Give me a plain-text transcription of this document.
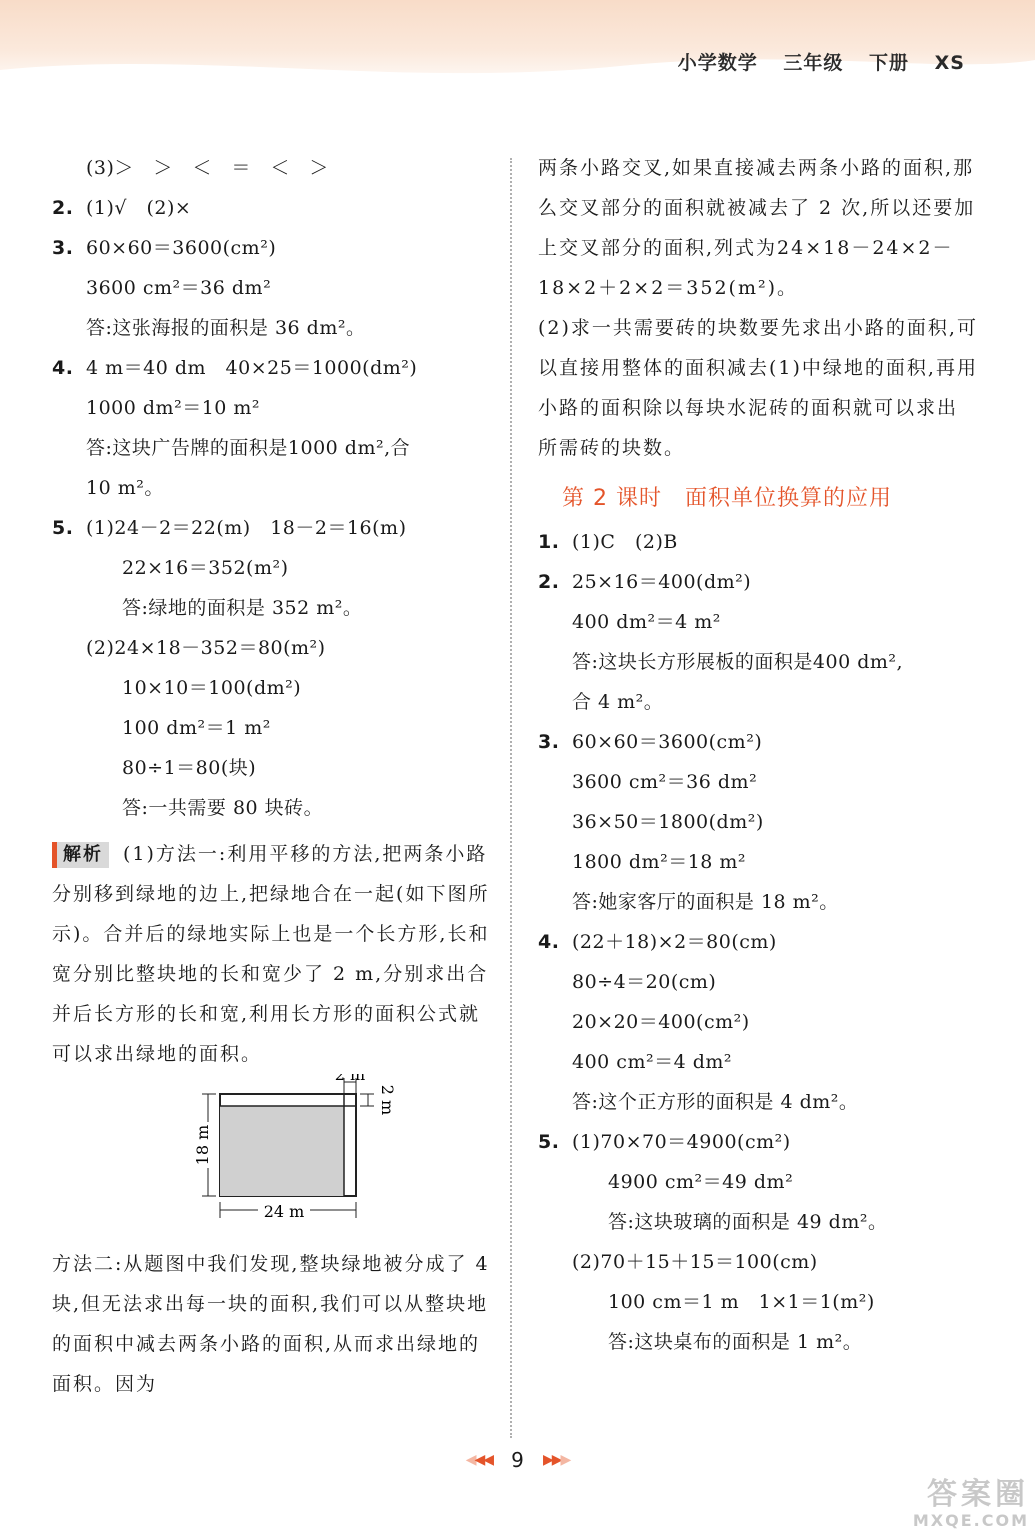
小学数学 三年级 下册 XS
(3)＞　＞　＜　＝　＜　＞
2. (1)√　(2)×
3. 60×60＝3600(cm²)
3600 cm²＝36 dm²
答:这张海报的面积是 36 dm²。
4. 4 m＝40 dm　40×25＝1000(dm²)
1000 dm²＝10 m²
答:这块广告牌的面积是1000 dm²,合
10 m²。
5. (1)24－2＝22(m)　18－2＝16(m)
22×16＝352(m²)
答:绿地的面积是 352 m²。
(2)24×18－352＝80(m²)
10×10＝100(dm²)
100 dm²＝1 m²
80÷1＝80(块)
答:一共需要 80 块砖。
解析 (1)方法一:利用平移的方法,把两条小路分别移到绿地的边上,把绿地合在一起(如下图所示)。合并后的绿地实际上也是一个长方形,长和宽分别比整块地的长和宽少了 2 m,分别求出合并后长方形的长和宽,利用长方形的面积公式就可以求出绿地的面积。
2 m
2 m
18 m
24 m
方法二:从题图中我们发现,整块绿地被分成了 4 块,但无法求出每一块的面积,我们可以从整块地的面积中减去两条小路的面积,从而求出绿地的面积。因为
两条小路交叉,如果直接减去两条小路的面积,那么交叉部分的面积就被减去了 2 次,所以还要加上交叉部分的面积,列式为24×18－24×2－18×2＋2×2＝352(m²)。
(2)求一共需要砖的块数要先求出小路的面积,可以直接用整体的面积减去(1)中绿地的面积,再用小路的面积除以每块水泥砖的面积就可以求出所需砖的块数。
第 2 课时　面积单位换算的应用
1. (1)C　(2)B
2. 25×16＝400(dm²)
400 dm²＝4 m²
答:这块长方形展板的面积是400 dm²,
合 4 m²。
3. 60×60＝3600(cm²)
3600 cm²＝36 dm²
36×50＝1800(dm²)
1800 dm²＝18 m²
答:她家客厅的面积是 18 m²。
4. (22＋18)×2＝80(cm)
80÷4＝20(cm)
20×20＝400(cm²)
400 cm²＝4 dm²
答:这个正方形的面积是 4 dm²。
5. (1)70×70＝4900(cm²)
4900 cm²＝49 dm²
答:这块玻璃的面积是 49 dm²。
(2)70＋15＋15＝100(cm)
100 cm＝1 m　1×1＝1(m²)
答:这块桌布的面积是 1 m²。
◀◀◀ 9 ▶▶▶
答案圈
MXQE.COM
